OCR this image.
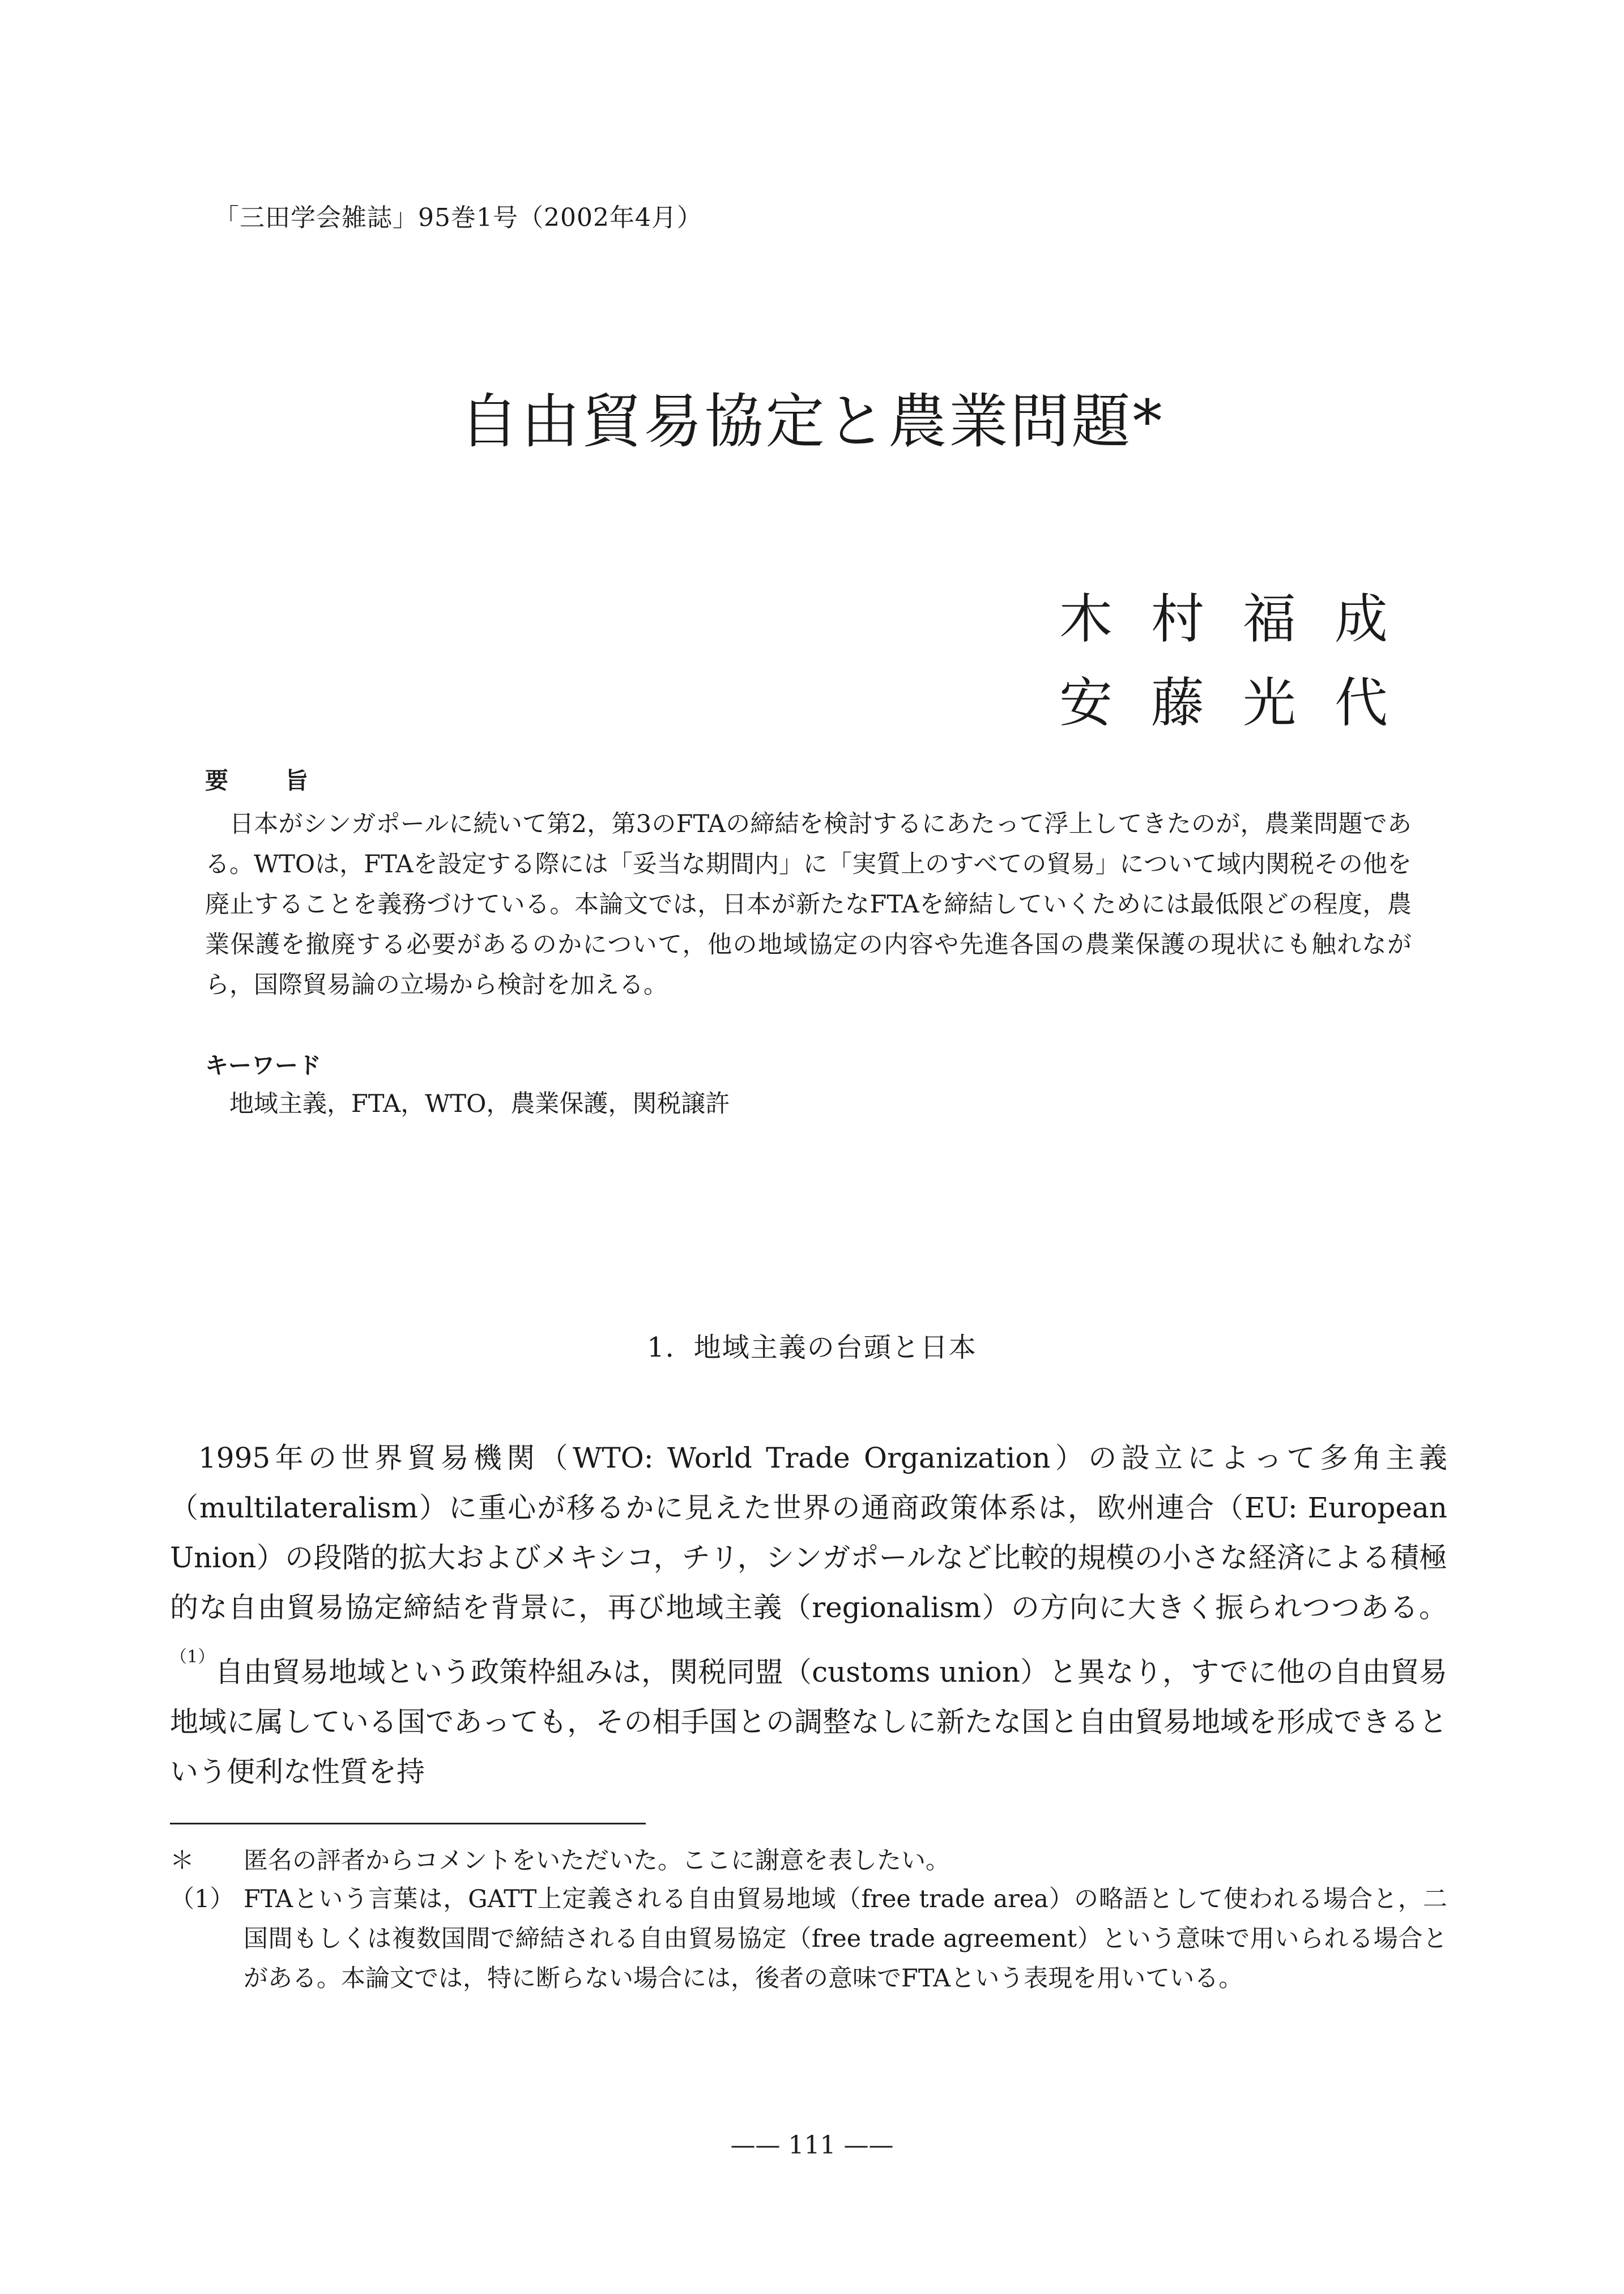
「三田学会雑誌」95巻1号（2002年4月）
自由貿易協定と農業問題*
木村福成
安藤光代
要旨
日本がシンガポールに続いて第2，第3のFTAの締結を検討するにあたって浮上してきたのが，農業問題である。WTOは，FTAを設定する際には「妥当な期間内」に「実質上のすべての貿易」について域内関税その他を廃止することを義務づけている。本論文では，日本が新たなFTAを締結していくためには最低限どの程度，農業保護を撤廃する必要があるのかについて，他の地域協定の内容や先進各国の農業保護の現状にも触れながら，国際貿易論の立場から検討を加える。
キーワード
地域主義，FTA，WTO，農業保護，関税譲許
1．地域主義の台頭と日本
1995年の世界貿易機関（WTO: World Trade Organization）の設立によって多角主義（multilateralism）に重心が移るかに見えた世界の通商政策体系は，欧州連合（EU: European Union）の段階的拡大およびメキシコ，チリ，シンガポールなど比較的規模の小さな経済による積極的な自由貿易協定締結を背景に，再び地域主義（regionalism）の方向に大きく振られつつある。$^{(1)}$自由貿易地域という政策枠組みは，関税同盟（customs union）と異なり，すでに他の自由貿易地域に属している国であっても，その相手国との調整なしに新たな国と自由貿易地域を形成できるという便利な性質を持
＊	匿名の評者からコメントをいただいた。ここに謝意を表したい。
（1） FTAという言葉は，GATT上定義される自由貿易地域（free trade area）の略語として使われる場合と，二国間もしくは複数国間で締結される自由貿易協定（free trade agreement）という意味で用いられる場合とがある。本論文では，特に断らない場合には，後者の意味でFTAという表現を用いている。
—— 111 ——
